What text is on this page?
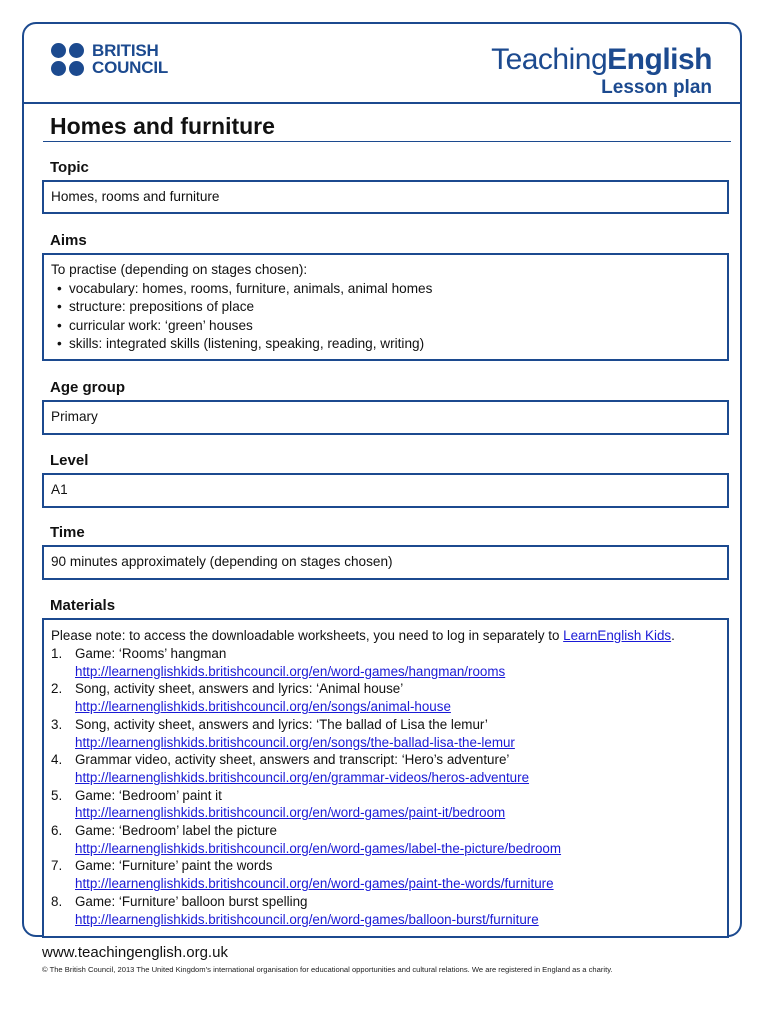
BRITISH
COUNCIL	TeachingEnglish
Lesson plan
Homes and furniture
Topic
Homes, rooms and furniture
Aims
To practise (depending on stages chosen):
• vocabulary: homes, rooms, furniture, animals, animal homes
• structure: prepositions of place
• curricular work: ‘green’ houses
• skills: integrated skills (listening, speaking, reading, writing)
Age group
Primary
Level
A1
Time
90 minutes approximately (depending on stages chosen)
Materials
Please note: to access the downloadable worksheets, you need to log in separately to LearnEnglish Kids.
1. Game: ‘Rooms’ hangman
http://learnenglishkids.britishcouncil.org/en/word-games/hangman/rooms
2. Song, activity sheet, answers and lyrics: ‘Animal house’
http://learnenglishkids.britishcouncil.org/en/songs/animal-house
3. Song, activity sheet, answers and lyrics: ‘The ballad of Lisa the lemur’
http://learnenglishkids.britishcouncil.org/en/songs/the-ballad-lisa-the-lemur
4. Grammar video, activity sheet, answers and transcript: ‘Hero’s adventure’
http://learnenglishkids.britishcouncil.org/en/grammar-videos/heros-adventure
5. Game: ‘Bedroom’ paint it
http://learnenglishkids.britishcouncil.org/en/word-games/paint-it/bedroom
6. Game: ‘Bedroom’ label the picture
http://learnenglishkids.britishcouncil.org/en/word-games/label-the-picture/bedroom
7. Game: ‘Furniture’ paint the words
http://learnenglishkids.britishcouncil.org/en/word-games/paint-the-words/furniture
8. Game: ‘Furniture’ balloon burst spelling
http://learnenglishkids.britishcouncil.org/en/word-games/balloon-burst/furniture
www.teachingenglish.org.uk
© The British Council, 2013 The United Kingdom’s international organisation for educational opportunities and cultural relations. We are registered in England as a charity.
